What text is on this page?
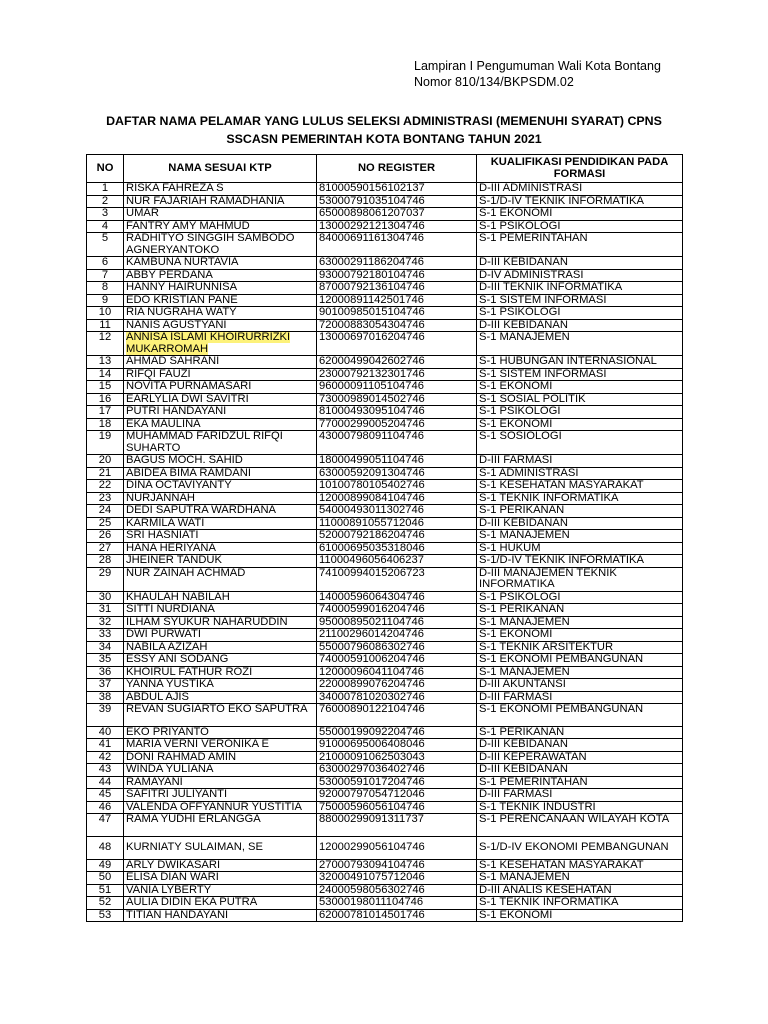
Lampiran I Pengumuman Wali Kota Bontang
Nomor 810/134/BKPSDM.02
DAFTAR NAMA PELAMAR YANG LULUS SELEKSI ADMINISTRASI (MEMENUHI SYARAT) CPNS
SSCASN PEMERINTAH KOTA BONTANG TAHUN 2021
NO	NAMA SESUAI KTP	NO REGISTER	KUALIFIKASI PENDIDIKAN PADA FORMASI
1	RISKA FAHREZA S	81000590156102137	D-III ADMINISTRASI
2	NUR FAJARIAH RAMADHANIA	53000791035104746	S-1/D-IV TEKNIK INFORMATIKA
3	UMAR	65000898061207037	S-1 EKONOMI
4	FANTRY AMY MAHMUD	13000292121304746	S-1 PSIKOLOGI
5	RADHITYO SINGGIH SAMBODO AGNERYANTOKO	84000691161304746	S-1 PEMERINTAHAN
6	KAMBUNA NURTAVIA	63000291186204746	D-III KEBIDANAN
7	ABBY PERDANA	93000792180104746	D-IV ADMINISTRASI
8	HANNY HAIRUNNISA	87000792136104746	D-III TEKNIK INFORMATIKA
9	EDO KRISTIAN PANE	12000891142501746	S-1 SISTEM INFORMASI
10	RIA NUGRAHA WATY	90100985015104746	S-1 PSIKOLOGI
11	NANIS AGUSTYANI	72000883054304746	D-III KEBIDANAN
12	ANNISA ISLAMI KHOIRURRIZKI MUKARROMAH	13000697016204746	S-1 MANAJEMEN
13	AHMAD SAHRANI	62000499042602746	S-1 HUBUNGAN INTERNASIONAL
14	RIFQI FAUZI	23000792132301746	S-1 SISTEM INFORMASI
15	NOVITA PURNAMASARI	96000091105104746	S-1 EKONOMI
16	EARLYLIA DWI SAVITRI	73000989014502746	S-1 SOSIAL POLITIK
17	PUTRI HANDAYANI	81000493095104746	S-1 PSIKOLOGI
18	EKA MAULINA	77000299005204746	S-1 EKONOMI
19	MUHAMMAD FARIDZUL RIFQI SUHARTO	43000798091104746	S-1 SOSIOLOGI
20	BAGUS MOCH. SAHID	18000499051104746	D-III FARMASI
21	ABIDEA BIMA RAMDANI	63000592091304746	S-1 ADMINISTRASI
22	DINA OCTAVIYANTY	10100780105402746	S-1 KESEHATAN MASYARAKAT
23	NURJANNAH	12000899084104746	S-1 TEKNIK INFORMATIKA
24	DEDI SAPUTRA WARDHANA	54000493011302746	S-1 PERIKANAN
25	KARMILA WATI	11000891055712046	D-III KEBIDANAN
26	SRI HASNIATI	52000792186204746	S-1 MANAJEMEN
27	HANA HERIYANA	61000695035318046	S-1 HUKUM
28	JHEINER TANDUK	11000496056406237	S-1/D-IV TEKNIK INFORMATIKA
29	NUR ZAINAH ACHMAD	74100994015206723	D-III MANAJEMEN TEKNIK INFORMATIKA
30	KHAULAH NABILAH	14000596064304746	S-1 PSIKOLOGI
31	SITTI NURDIANA	74000599016204746	S-1 PERIKANAN
32	ILHAM SYUKUR NAHARUDDIN	95000895021104746	S-1 MANAJEMEN
33	DWI PURWATI	21100296014204746	S-1 EKONOMI
34	NABILA AZIZAH	55000796086302746	S-1 TEKNIK ARSITEKTUR
35	ESSY ANI SODANG	74000591006204746	S-1 EKONOMI PEMBANGUNAN
36	KHOIRUL FATHUR ROZI	12000096041104746	S-1 MANAJEMEN
37	YANNA YUSTIKA	22000899076204746	D-III AKUNTANSI
38	ABDUL AJIS	34000781020302746	D-III FARMASI
39	REVAN SUGIARTO EKO SAPUTRA	76000890122104746	S-1 EKONOMI PEMBANGUNAN
40	EKO PRIYANTO	55000199092204746	S-1 PERIKANAN
41	MARIA VERNI VERONIKA E	91000695006408046	D-III KEBIDANAN
42	DONI RAHMAD AMIN	21000091062503043	D-III KEPERAWATAN
43	WINDA YULIANA	63000297036402746	D-III KEBIDANAN
44	RAMAYANI	53000591017204746	S-1 PEMERINTAHAN
45	SAFITRI JULIYANTI	92000797054712046	D-III FARMASI
46	VALENDA OFFYANNUR YUSTITIA	75000596056104746	S-1 TEKNIK INDUSTRI
47	RAMA YUDHI ERLANGGA	88000299091311737	S-1 PERENCANAAN WILAYAH KOTA
48	KURNIATY SULAIMAN, SE	12000299056104746	S-1/D-IV EKONOMI PEMBANGUNAN
49	ARLY DWIKASARI	27000793094104746	S-1 KESEHATAN MASYARAKAT
50	ELISA DIAN WARI	32000491075712046	S-1 MANAJEMEN
51	VANIA LYBERTY	24000598056302746	D-III ANALIS KESEHATAN
52	AULIA DIDIN EKA PUTRA	53000198011104746	S-1 TEKNIK INFORMATIKA
53	TITIAN HANDAYANI	62000781014501746	S-1 EKONOMI
